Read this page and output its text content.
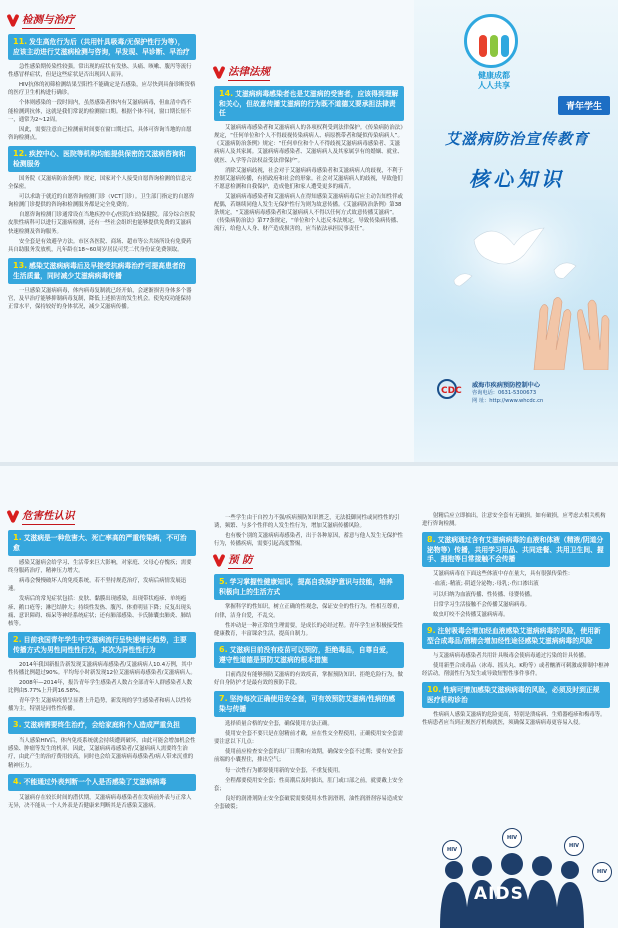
检测与治疗
11. 发生高危行为后（共用针具吸毒/无保护性行为等），应该主动进行艾滋病检测与咨询，早发现、早诊断、早治疗

急性感染期传染性较强。常出现的症状有发热、头痛、咳嗽、腹泻等流行性感冒样症状，但是这些症状是否出现因人而异。

HIV抗体的初筛检测结果呈阳性不能确定是否感染，应尽快到具备诊断资格的医疗卫生机构进行确诊。

个体则感染的一段时间内，虽然感染者体内有艾滋病病毒，但血清中尚不能检测到抗体，这就是我们常说的检测窗口期。根据个体不同，窗口期长短不一，通常为2~12周。

因此，需要注意自己检测前时间要在窗口期过后，具体可咨询当地的自愿咨询检测点。

12. 疾控中心、医院等机构均能提供保密的艾滋病咨询和检测服务

国务院《艾滋病防治条例》规定，国家对个人接受自愿咨询检测的信息完全保密。

可以求助于就近的自愿咨询检测门诊（VCT门诊）。卫生部门指定的自愿咨询检测门诊提供的咨询和检测服务都是完全免费的。

自愿咨询检测门诊通常设在当地疾控中心/医院/妇幼保健院。部分综合医院皮肤性病科可以进行艾滋病检测，还有一些社会组织也能够提供免费的艾滋病快速检测及咨询服务。

安全套是有效避孕方法。市区各医院、商场、超市等公共场所设有免费药具自助服务发放机，凡年龄在18~60周岁居民可凭二代身份证免费领取。

13. 感染艾滋病病毒后及早接受抗病毒治疗可提高患者的生活质量，同时减少艾滋病病毒传播

一旦感染艾滋病病毒，体内病毒复制就已经开始，会逐渐损害身体多个器官，及早治疗能够抑制病毒复制，降低上述损害的发生机会。使免疫功能保持正常水平，保持较好的身体状况，减少艾滋病传播。

法律法规
14. 艾滋病病毒感染者也是艾滋病的受害者，应该得到理解和关心，但故意传播艾滋病的行为既不道德又要承担法律责任

艾滋病病毒感染者和艾滋病病人的各项权利受到法律保护。《传染病防治法》规定，“任何单位和个人不得歧视传染病病人、病原携带者和疑似传染病病人”。《艾滋病防治条例》规定：“任何单位和个人不得歧视艾滋病病毒感染者、艾滋病病人及其家属。艾滋病病毒感染者、艾滋病病人及其家属享有的婚姻、就业、就医、入学等合法权益受法律保护”。

消除艾滋病歧视，社会对于艾滋病病毒感染者和艾滋病病人的歧视，不利于控制艾滋病传播，有损政府和社会的形象。社会对艾滋病病人的歧视，导致他们不愿意检测和自我保护，造成他们和家人遭受更多的痛苦。

艾滋病病毒感染者和艾滋病病人在得知感染艾滋病病毒后应主动告知性伴或配偶，若继续同他人发生无保护性行为则为故意传播。《艾滋病防治条例》第38条规定，“艾滋病病毒感染者和艾滋病病人不得以任何方式故意传播艾滋病”。《传染病防治法》第77条规定，“单位和个人违反本法规定，导致传染病传播、流行，给他人人身、财产造成损害的，应当依法承担民事责任”。

健康成都
人人共享
青年学生
艾滋病防治宣传教育
核心知识
CDC
威海市疾病预防控制中心
咨询电话：0631-5300673
网 址：http://www.whcdc.cn
危害性认识
1. 艾滋病是一种危害大、死亡率高的严重传染病，不可治愈

感染艾滋病会给学习、生活带来巨大影响，对家庭、父母心存愧疚；需要终身服药治疗，精神压力增大。

病毒会慢慢破坏人的免疫系统，若不坚持规范治疗，发病后病情发展迅速。

发病后的常见症状包括：皮肤、黏膜出现感染，出现带状疱疹、单纯疱疹、鹅口疮等；淋巴结肿大；持续性发热、腹泻、体重明显下降；反复出现头痛、意识障碍、痴呆等神经系统症状；还有肺部感染、卡氏肺囊虫肺炎、肺结核等。

2. 目前我国青年学生中艾滋病流行呈快速增长趋势，主要传播方式为男性同性性行为，其次为异性性行为

2014年我国新报告新发现艾滋病病毒感染者/艾滋病病人10.4万例，其中性传播比例超过90%。平均每小时新发现12位艾滋病病毒感染者/艾滋病病人。

2008年—2014年，报告青年学生感染者人数占全部青年人群感染者人数比例由5.77%上升到16.58%。

青年学生艾滋病疫情呈显著上升趋势，新发现的学生感染者和病人以性传播为主，特别是同性性传播。

3. 艾滋病需要终生治疗，会给家庭和个人造成严重负担

当人感染HIV后，体内免疫系统就会持续遭到破坏，由此可能会增加机会性感染、肿瘤等发生的机率。因此，艾滋病病毒感染者/艾滋病病人需要终生治疗，由此产生的治疗费用较高，同时也会给艾滋病病毒感染者/病人带来沉重的精神压力。

4. 不能通过外表判断一个人是否感染了艾滋病病毒

艾滋病存在较长时间的潜伏期，艾滋病病毒感染者在发病前外表与正常人无异，决不能从一个人外表是否健康来判断其是否感染艾滋病。

一些学生由于自控力不强/疾病预防知识匮乏，无法抵御同性或同性性的引诱，频繁、与多个性伴的人发生性行为，增加艾滋病传播风险。

也有极个别的艾滋病病毒感染者，出于各种原因，蓄意与他人发生无保护性行为，传播疾病，需要引起高度警惕。

预 防
5. 学习掌握性健康知识，提高自我保护意识与技能，培养积极向上的生活方式

掌握科学的性知识，树立正确的性观念，保证安全的性行为。性相互尊重，自律，洁身自爱，不乱交。

性冲动是一种正常的生理需要，是成长的必经过程。青年学生应积极接受性健康教育，丰富课余生活，提高自制力。

6. 艾滋病目前没有疫苗可以预防，拒绝毒品，自尊自爱，遵守性道德是预防艾滋病的根本措施

目前尚没有能够预防艾滋病的有效疫苗，掌握预防知识、拒绝危险行为，做好自身防护才是最有效的预防手段。

7. 坚持每次正确使用安全套，可有效预防艾滋病/性病的感染与传播

选择质量合格的安全套，确保使用方法正确。

使用安全套不要只是在射精前才戴，应在性交全程使用，正确使用安全套需要注意以下几点：

使用前应检查安全套的出厂日期和有效期，确保安全套不过期；要有安全套前端的小囊捏住，排出空气；

每一次性行为都要使用新的安全套，不重复使用。

全程都要使用安全套；性高潮后及时拔出，肛门或口部之前，就要戴上安全套；

良好的润滑剂防止安全套破裂需要使用水性润滑剂，油性润滑剂容易造成安全套破裂；

射精后应立即抽出，注意安全套有无破损。如有破损，应考虑去相关机构进行咨询检测。

8. 艾滋病通过含有艾滋病病毒的血液和体液（精液/阴道分泌物等）传播，共用学习用品、共同进餐、共用卫生间、握手、拥抱等日常接触不会传播

艾滋病病毒在下面这些体液中存在量大，具有很强传染性：

·血液；·精液；·阴道分泌物；·母乳；·伤口渗出液

可以归纳为血液传播、性传播、母婴传播。

日常学习生活接触不会传播艾滋病病毒。

蚊虫叮咬不会传播艾滋病病毒。

9. 注射吸毒会增加经血液感染艾滋病病毒的风险，使用新型合成毒品/酒精会增加经性途径感染艾滋病病毒的风险

与艾滋病病毒感染者共用针具吸毒会使病毒通过污染的针具传播。

使用新型合成毒品（冰毒、摇头丸、K粉等）或者酗酒可刺激或抑制中枢神经活动，削弱性行为发生或导致短暂性事件事件。

10. 性病可增加感染艾滋病病毒的风险，必须及时到正规医疗机构诊治

性病病人感染艾滋病的危险更高，特别是溃疡病、生殖器疱疹和梅毒等。性病患者应当到正规医疗机构就医，须确保艾滋病病毒更容易入侵。

AIDS
HIV
HIV
HIV
HIV
